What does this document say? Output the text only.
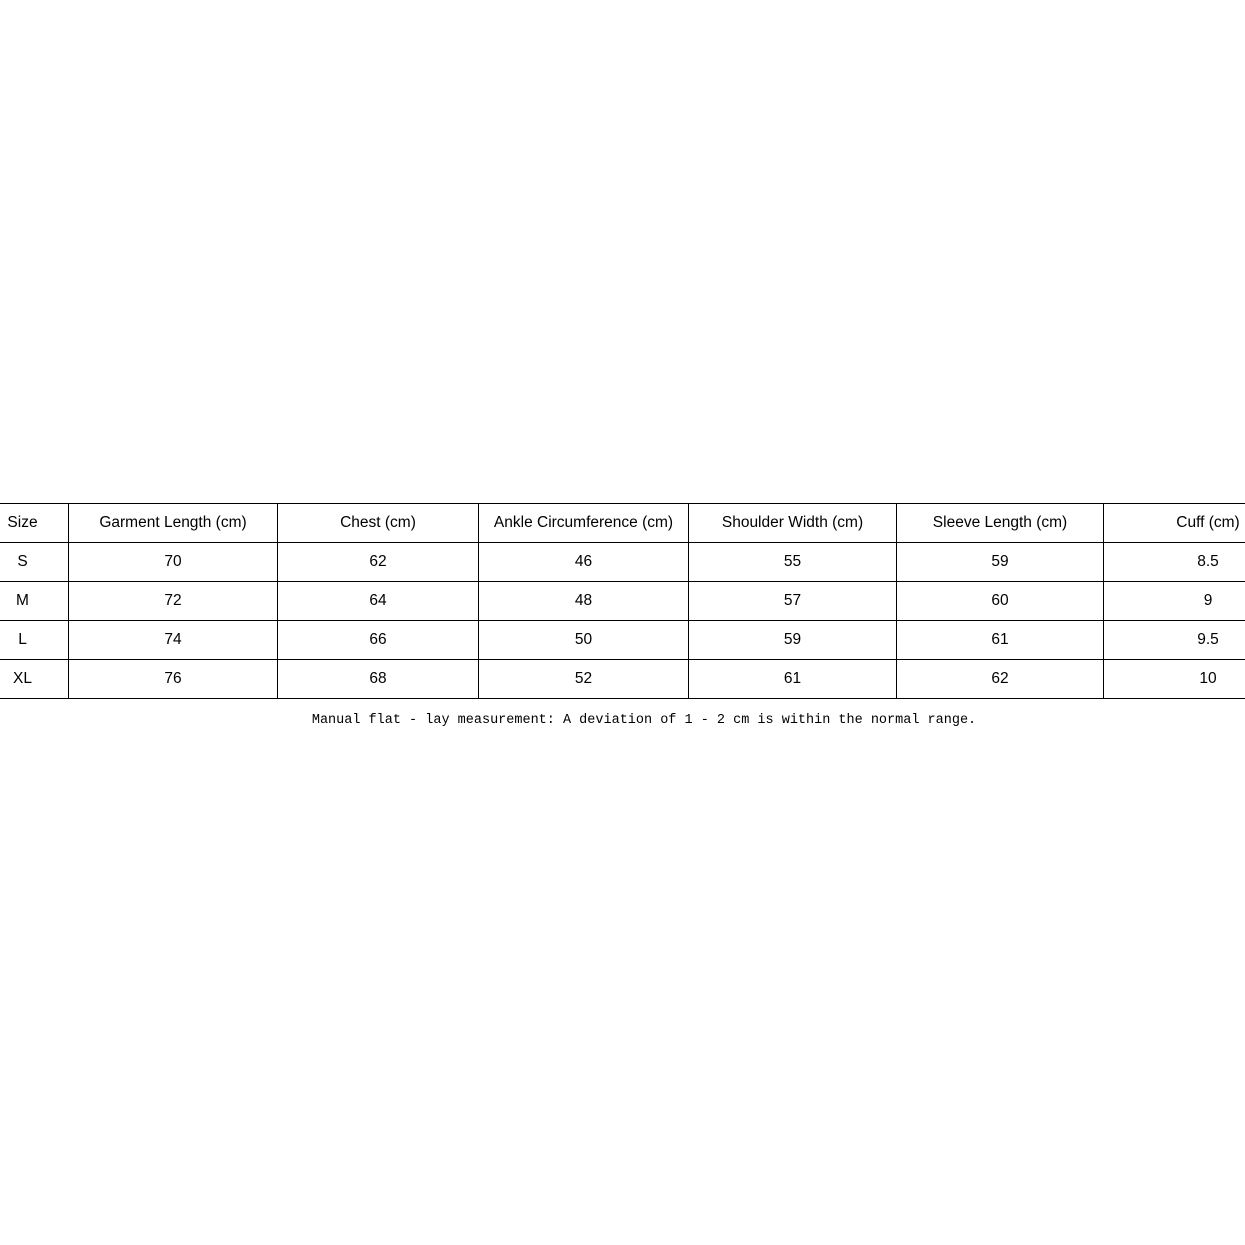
Size	Garment Length (cm)	Chest (cm)	Ankle Circumference (cm)	Shoulder Width (cm)	Sleeve Length (cm)	Cuff (cm)
S	70	62	46	55	59	8.5
M	72	64	48	57	60	9
L	74	66	50	59	61	9.5
XL	76	68	52	61	62	10
Manual flat - lay measurement: A deviation of 1 - 2 cm is within the normal range.
